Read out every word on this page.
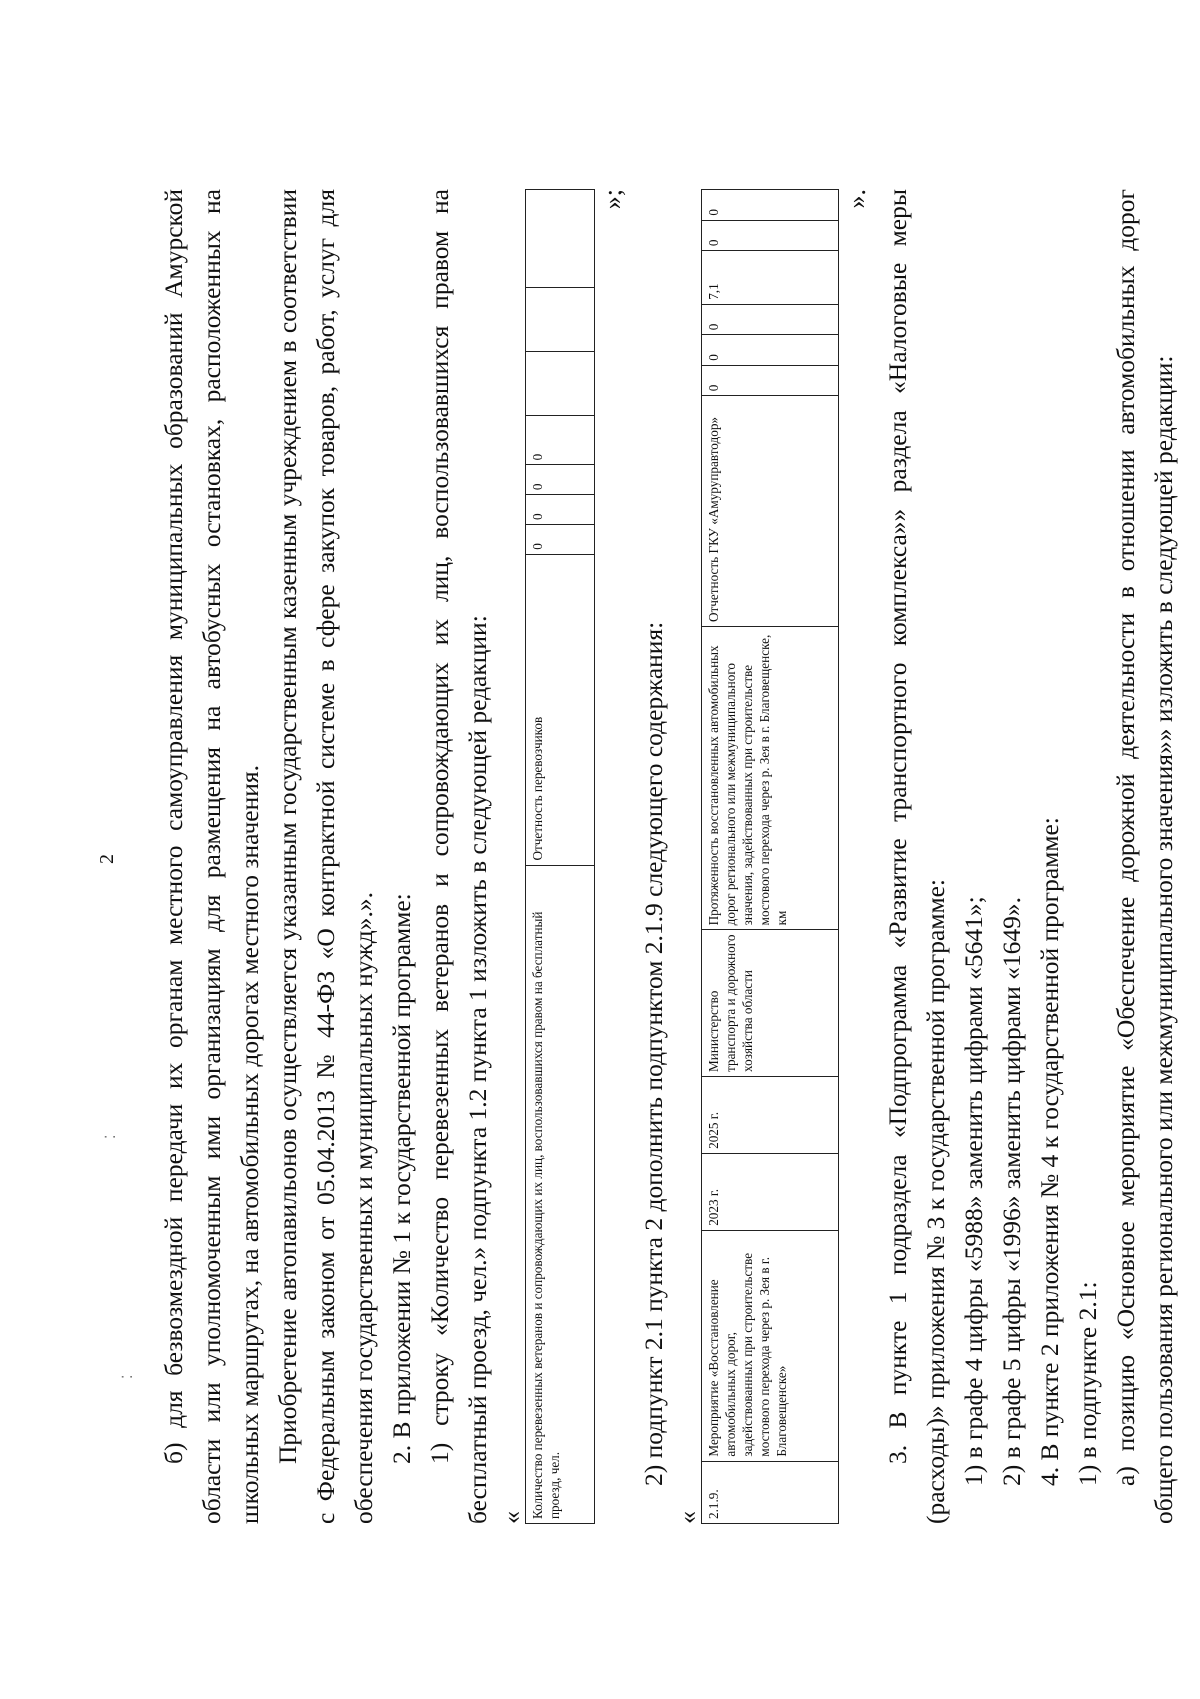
2
⁚
⁚ б) для безвозмездной передачи их органам местного самоуправления муниципальных образований Амурской области или уполномоченным ими организациям для размещения на автобусных остановках, расположенных на школьных маршрутах, на автомобильных дорогах местного значения. Приобретение автопавильонов осуществляется указанным государственным казенным учреждением в соответствии с Федеральным законом от 05.04.2013 № 44-ФЗ «О контрактной системе в сфере закупок товаров, работ, услуг для обеспечения государственных и муниципальных нужд».». 2. В приложении № 1 к государственной программе: 1) строку «Количество перевезенных ветеранов и сопровождающих их лиц, воспользовавшихся правом на бесплатный проезд, чел.» подпункта 1.2 пункта 1 изложить в следующей редакции: « Количество перевезенных ветеранов и сопровождающих их лиц, воспользовавшихся правом на бесплатный проезд, чел.	Отчетность перевозчиков	0	0	0	0			
»;

2) подпункт 2.1 пункта 2 дополнить подпунктом 2.1.9 следующего содержания:

« 2.1.9.	Мероприятие «Восстановление автомобильных дорог, задействованных при строительстве мостового перехода через р. Зея в г. Благовещенске»	2023 г.	2025 г.	Министерство транспорта и дорожного хозяйства области	Протяженность восстановленных автомобильных дорог регионального или межмуниципального значения, задействованных при строительстве мостового перехода через р. Зея в г. Благовещенске, км	Отчетность ГКУ «Амуруправтодор»	0	0	0	7,1	0	0
». 3. В пункте 1 подраздела «Подпрограмма «Развитие транспортного комплекса»» раздела «Налоговые меры (расходы)» приложения № 3 к государственной программе: 1) в графе 4 цифры «5988» заменить цифрами «5641»; 2) в графе 5 цифры «1996» заменить цифрами «1649». 4. В пункте 2 приложения № 4 к государственной программе: 1) в подпункте 2.1: а) позицию «Основное мероприятие «Обеспечение дорожной деятельности в отношении автомобильных дорог общего пользования регионального или межмуниципального значения»» изложить в следующей редакции:
